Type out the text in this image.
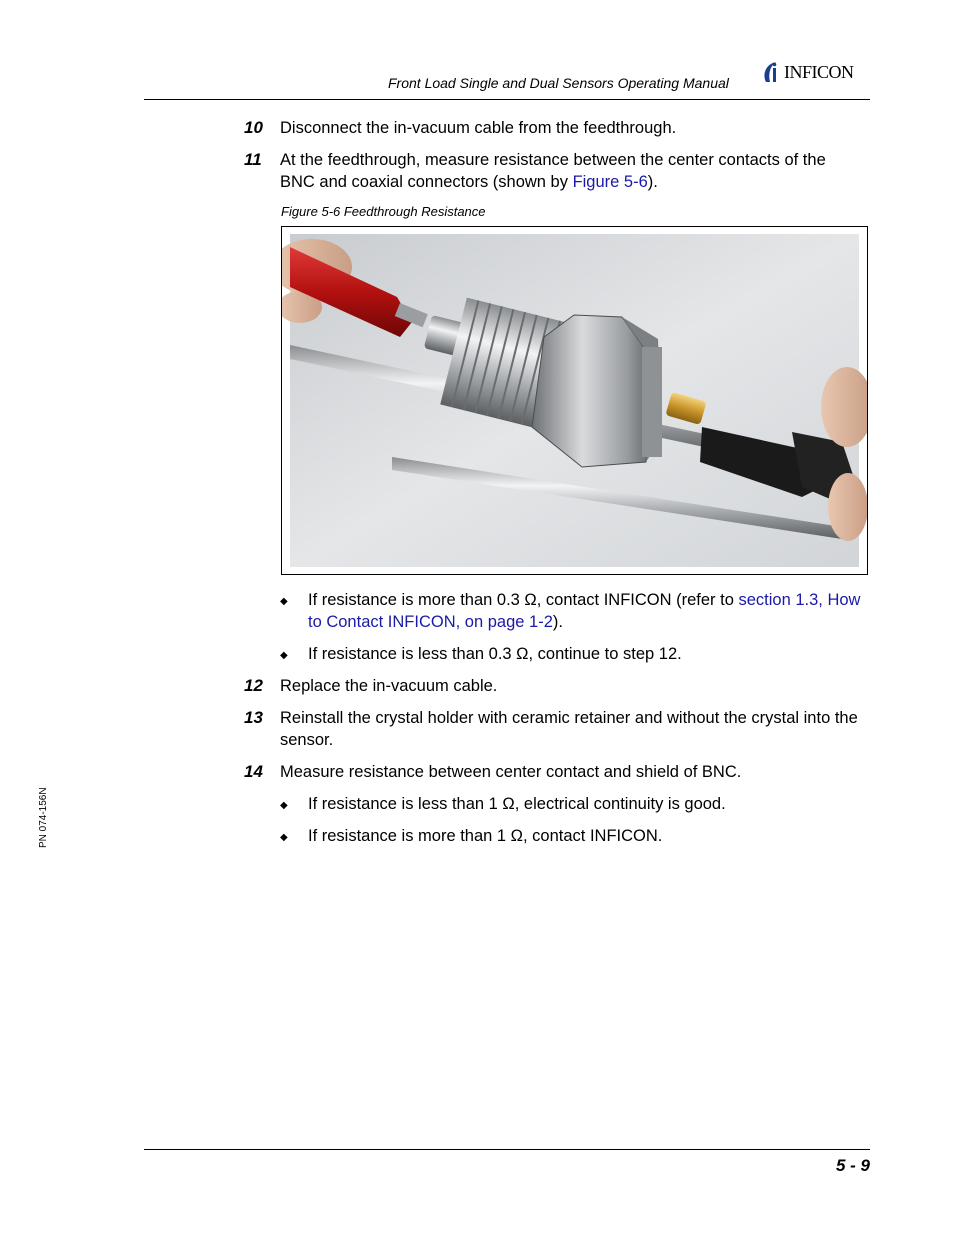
Front Load Single and Dual Sensors Operating Manual
INFICON
10 Disconnect the in-vacuum cable from the feedthrough.
11 At the feedthrough, measure resistance between the center contacts of the BNC and coaxial connectors (shown by Figure 5-6).
Figure 5-6 Feedthrough Resistance
◆ If resistance is more than 0.3 Ω, contact INFICON (refer to section 1.3, How to Contact INFICON, on page 1-2).
◆ If resistance is less than 0.3 Ω, continue to step 12.
12 Replace the in-vacuum cable.
13 Reinstall the crystal holder with ceramic retainer and without the crystal into the sensor.
14 Measure resistance between center contact and shield of BNC.
◆ If resistance is less than 1 Ω, electrical continuity is good.
◆ If resistance is more than 1 Ω, contact INFICON.
PN 074-156N
5 - 9
